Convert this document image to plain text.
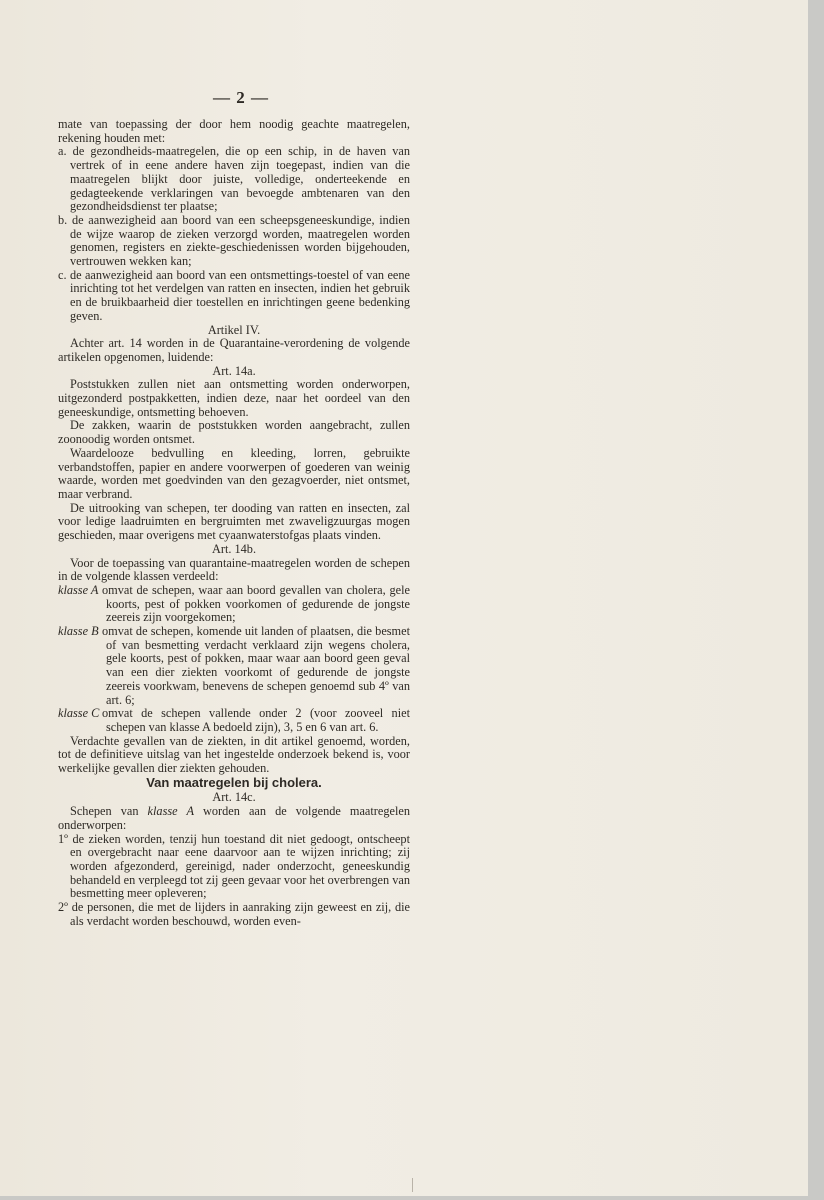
— 2 —

mate van toepassing der door hem noodig geachte maatregelen, rekening houden met:

a. de gezondheids-maatregelen, die op een schip, in de haven van vertrek of in eene andere haven zijn toegepast, indien van die maatregelen blijkt door juiste, volledige, onderteekende en gedagteekende verklaringen van bevoegde ambtenaren van den gezondheidsdienst ter plaatse;

b. de aanwezigheid aan boord van een scheepsgeneeskundige, indien de wijze waarop de zieken verzorgd worden, maatregelen worden genomen, registers en ziekte-geschiedenissen worden bijgehouden, vertrouwen wekken kan;

c. de aanwezigheid aan boord van een ontsmettings-toestel of van eene inrichting tot het verdelgen van ratten en insecten, indien het gebruik en de bruikbaarheid dier toestellen en inrichtingen geene bedenking geven.

Artikel IV.

Achter art. 14 worden in de Quarantaine-verordening de volgende artikelen opgenomen, luidende:

Art. 14a.

Poststukken zullen niet aan ontsmetting worden onderworpen, uitgezonderd postpakketten, indien deze, naar het oordeel van den geneeskundige, ontsmetting behoeven.

De zakken, waarin de poststukken worden aangebracht, zullen zoonoodig worden ontsmet.

Waardelooze bedvulling en kleeding, lorren, gebruikte verbandstoffen, papier en andere voorwerpen of goederen van weinig waarde, worden met goedvinden van den gezagvoerder, niet ontsmet, maar verbrand.

De uitrooking van schepen, ter dooding van ratten en insecten, zal voor ledige laadruimten en bergruimten met zwaveligzuurgas mogen geschieden, maar overigens met cyaanwaterstofgas plaats vinden.

Art. 14b.

Voor de toepassing van quarantaine-maatregelen worden de schepen in de volgende klassen verdeeld:

klasse A omvat de schepen, waar aan boord gevallen van cholera, gele koorts, pest of pokken voorkomen of gedurende de jongste zeereis zijn voorgekomen;

klasse B omvat de schepen, komende uit landen of plaatsen, die besmet of van besmetting verdacht verklaard zijn wegens cholera, gele koorts, pest of pokken, maar waar aan boord geen geval van een dier ziekten voorkomt of gedurende de jongste zeereis voorkwam, benevens de schepen genoemd sub 4º van art. 6;

klasse C omvat de schepen vallende onder 2 (voor zooveel niet schepen van klasse A bedoeld zijn), 3, 5 en 6 van art. 6.

Verdachte gevallen van de ziekten, in dit artikel genoemd, worden, tot de definitieve uitslag van het ingestelde onderzoek bekend is, voor werkelijke gevallen dier ziekten gehouden.

Van maatregelen bij cholera.

Art. 14c.

Schepen van klasse A worden aan de volgende maatregelen onderworpen:

1º de zieken worden, tenzij hun toestand dit niet gedoogt, ontscheept en overgebracht naar eene daarvoor aan te wijzen inrichting; zij worden afgezonderd, gereinigd, nader onderzocht, geneeskundig behandeld en verpleegd tot zij geen gevaar voor het overbrengen van besmetting meer opleveren;

2º de personen, die met de lijders in aanraking zijn geweest en zij, die als verdacht worden beschouwd, worden even-
